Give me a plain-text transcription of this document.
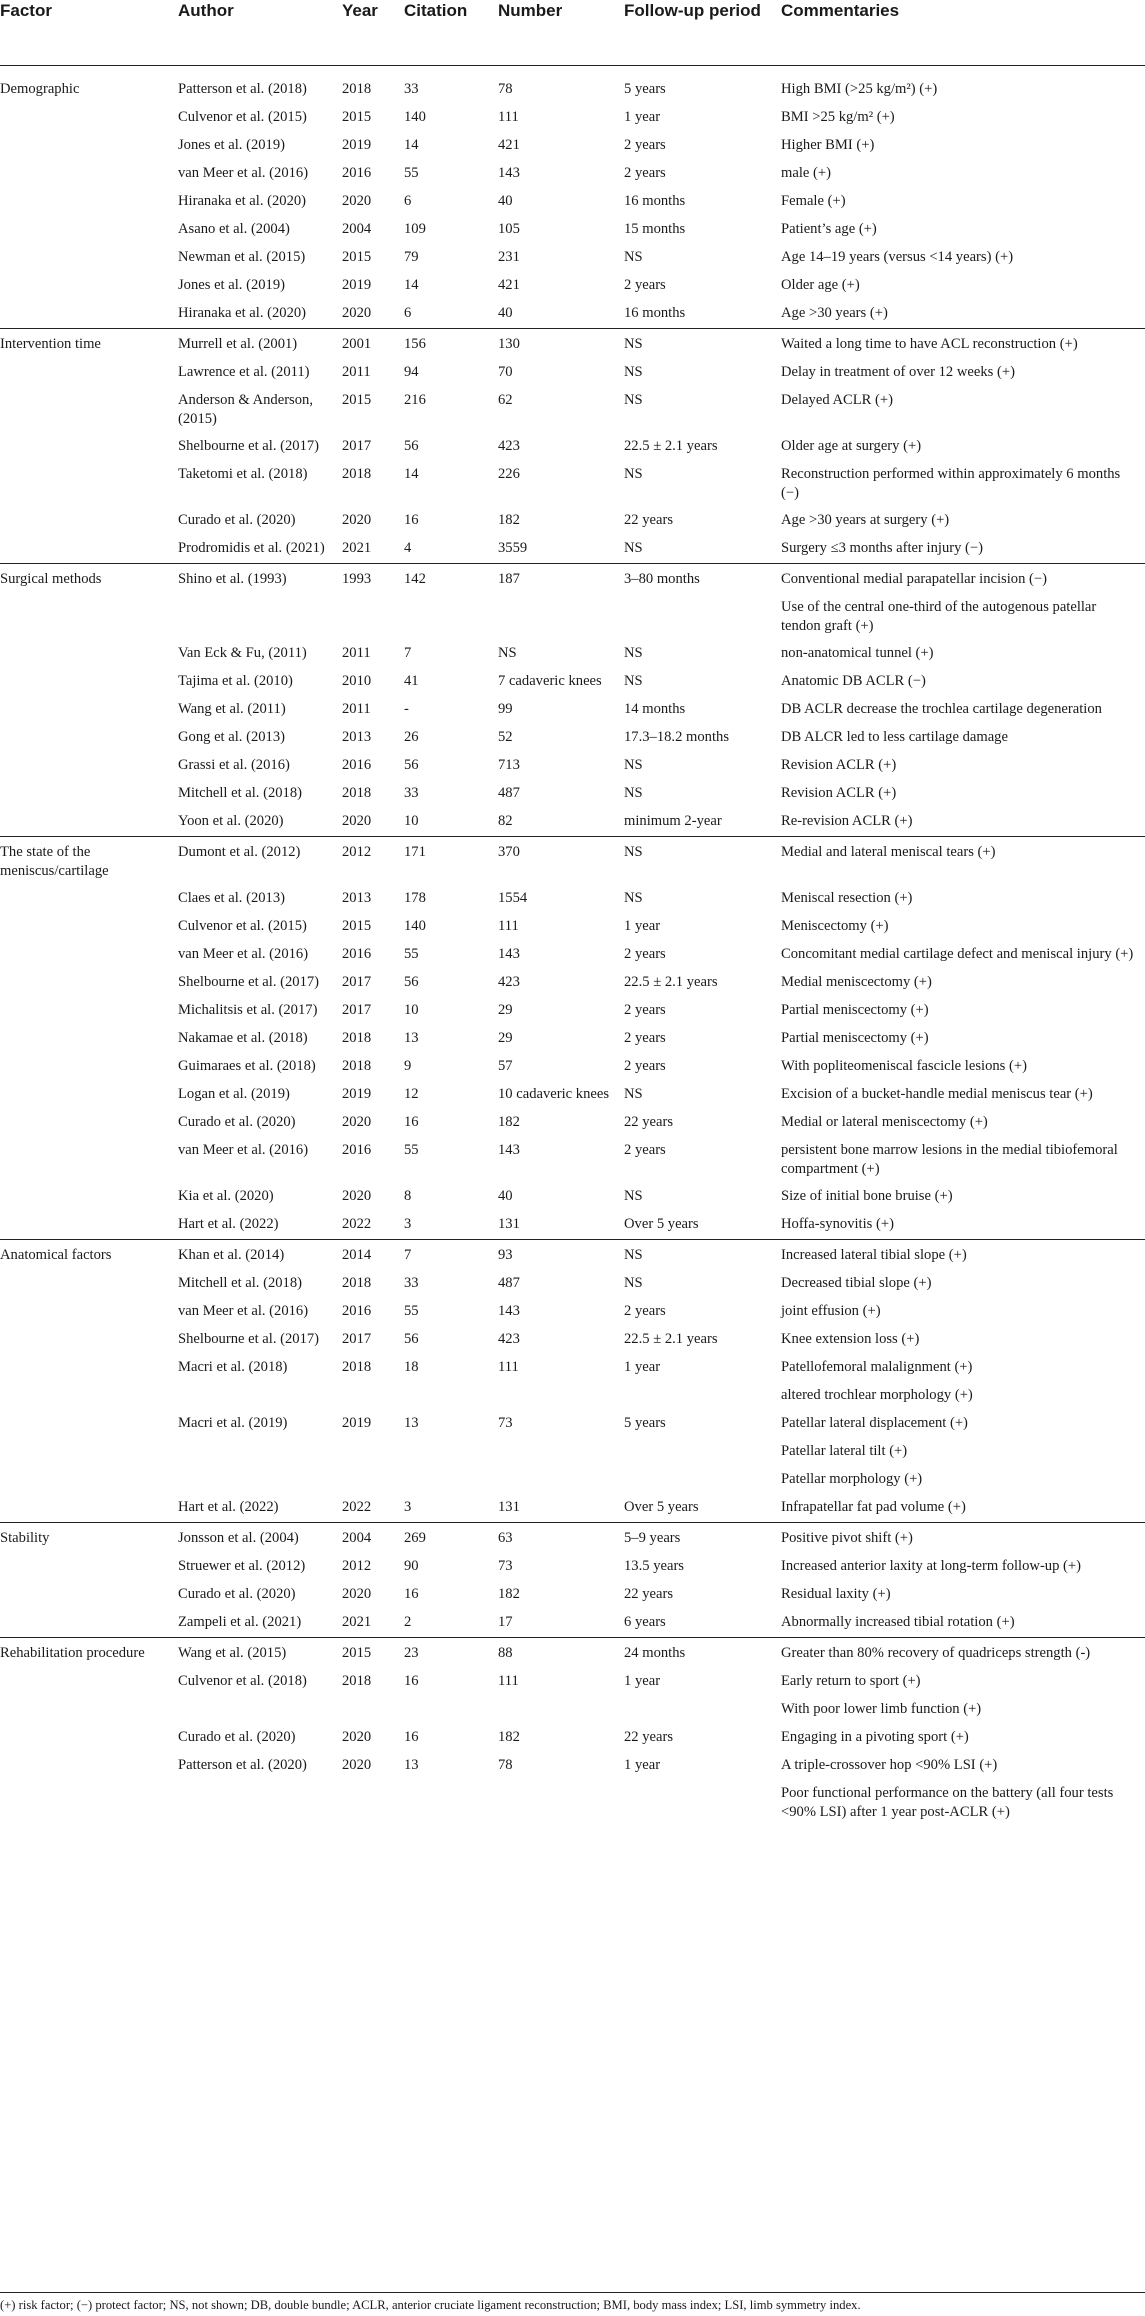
Factor	Author	Year	Citation	Number	Follow-up period	Commentaries
Demographic	Patterson et al. (2018)	2018	33	78	5 years	High BMI (>25 kg/m²) (+)
	Culvenor et al. (2015)	2015	140	111	1 year	BMI >25 kg/m² (+)
	Jones et al. (2019)	2019	14	421	2 years	Higher BMI (+)
	van Meer et al. (2016)	2016	55	143	2 years	male (+)
	Hiranaka et al. (2020)	2020	6	40	16 months	Female (+)
	Asano et al. (2004)	2004	109	105	15 months	Patient’s age (+)
	Newman et al. (2015)	2015	79	231	NS	Age 14–19 years (versus <14 years) (+)
	Jones et al. (2019)	2019	14	421	2 years	Older age (+)
	Hiranaka et al. (2020)	2020	6	40	16 months	Age >30 years (+)
Intervention time	Murrell et al. (2001)	2001	156	130	NS	Waited a long time to have ACL reconstruction (+)
	Lawrence et al. (2011)	2011	94	70	NS	Delay in treatment of over 12 weeks (+)
	Anderson & Anderson, (2015)	2015	216	62	NS	Delayed ACLR (+)
	Shelbourne et al. (2017)	2017	56	423	22.5 ± 2.1 years	Older age at surgery (+)
	Taketomi et al. (2018)	2018	14	226	NS	Reconstruction performed within approximately 6 months (−)
	Curado et al. (2020)	2020	16	182	22 years	Age >30 years at surgery (+)
	Prodromidis et al. (2021)	2021	4	3559	NS	Surgery ≤3 months after injury (−)
Surgical methods	Shino et al. (1993)	1993	142	187	3–80 months	Conventional medial parapatellar incision (−)
						Use of the central one-third of the autogenous patellar tendon graft (+)
	Van Eck & Fu, (2011)	2011	7	NS	NS	non-anatomical tunnel (+)
	Tajima et al. (2010)	2010	41	7 cadaveric knees	NS	Anatomic DB ACLR (−)
	Wang et al. (2011)	2011	-	99	14 months	DB ACLR decrease the trochlea cartilage degeneration
	Gong et al. (2013)	2013	26	52	17.3–18.2 months	DB ALCR led to less cartilage damage
	Grassi et al. (2016)	2016	56	713	NS	Revision ACLR (+)
	Mitchell et al. (2018)	2018	33	487	NS	Revision ACLR (+)
	Yoon et al. (2020)	2020	10	82	minimum 2-year	Re-revision ACLR (+)
The state of the meniscus/cartilage	Dumont et al. (2012)	2012	171	370	NS	Medial and lateral meniscal tears (+)
	Claes et al. (2013)	2013	178	1554	NS	Meniscal resection (+)
	Culvenor et al. (2015)	2015	140	111	1 year	Meniscectomy (+)
	van Meer et al. (2016)	2016	55	143	2 years	Concomitant medial cartilage defect and meniscal injury (+)
	Shelbourne et al. (2017)	2017	56	423	22.5 ± 2.1 years	Medial meniscectomy (+)
	Michalitsis et al. (2017)	2017	10	29	2 years	Partial meniscectomy (+)
	Nakamae et al. (2018)	2018	13	29	2 years	Partial meniscectomy (+)
	Guimaraes et al. (2018)	2018	9	57	2 years	With popliteomeniscal fascicle lesions (+)
	Logan et al. (2019)	2019	12	10 cadaveric knees	NS	Excision of a bucket-handle medial meniscus tear (+)
	Curado et al. (2020)	2020	16	182	22 years	Medial or lateral meniscectomy (+)
	van Meer et al. (2016)	2016	55	143	2 years	persistent bone marrow lesions in the medial tibiofemoral compartment (+)
	Kia et al. (2020)	2020	8	40	NS	Size of initial bone bruise (+)
	Hart et al. (2022)	2022	3	131	Over 5 years	Hoffa-synovitis (+)
Anatomical factors	Khan et al. (2014)	2014	7	93	NS	Increased lateral tibial slope (+)
	Mitchell et al. (2018)	2018	33	487	NS	Decreased tibial slope (+)
	van Meer et al. (2016)	2016	55	143	2 years	joint effusion (+)
	Shelbourne et al. (2017)	2017	56	423	22.5 ± 2.1 years	Knee extension loss (+)
	Macri et al. (2018)	2018	18	111	1 year	Patellofemoral malalignment (+)
						altered trochlear morphology (+)
	Macri et al. (2019)	2019	13	73	5 years	Patellar lateral displacement (+)
						Patellar lateral tilt (+)
						Patellar morphology (+)
	Hart et al. (2022)	2022	3	131	Over 5 years	Infrapatellar fat pad volume (+)
Stability	Jonsson et al. (2004)	2004	269	63	5–9 years	Positive pivot shift (+)
	Struewer et al. (2012)	2012	90	73	13.5 years	Increased anterior laxity at long-term follow-up (+)
	Curado et al. (2020)	2020	16	182	22 years	Residual laxity (+)
	Zampeli et al. (2021)	2021	2	17	6 years	Abnormally increased tibial rotation (+)
Rehabilitation procedure	Wang et al. (2015)	2015	23	88	24 months	Greater than 80% recovery of quadriceps strength (-)
	Culvenor et al. (2018)	2018	16	111	1 year	Early return to sport (+)
						With poor lower limb function (+)
	Curado et al. (2020)	2020	16	182	22 years	Engaging in a pivoting sport (+)
	Patterson et al. (2020)	2020	13	78	1 year	A triple-crossover hop <90% LSI (+)
						Poor functional performance on the battery (all four tests <90% LSI) after 1 year post-ACLR (+)
(+) risk factor; (−) protect factor; NS, not shown; DB, double bundle; ACLR, anterior cruciate ligament reconstruction; BMI, body mass index; LSI, limb symmetry index.
